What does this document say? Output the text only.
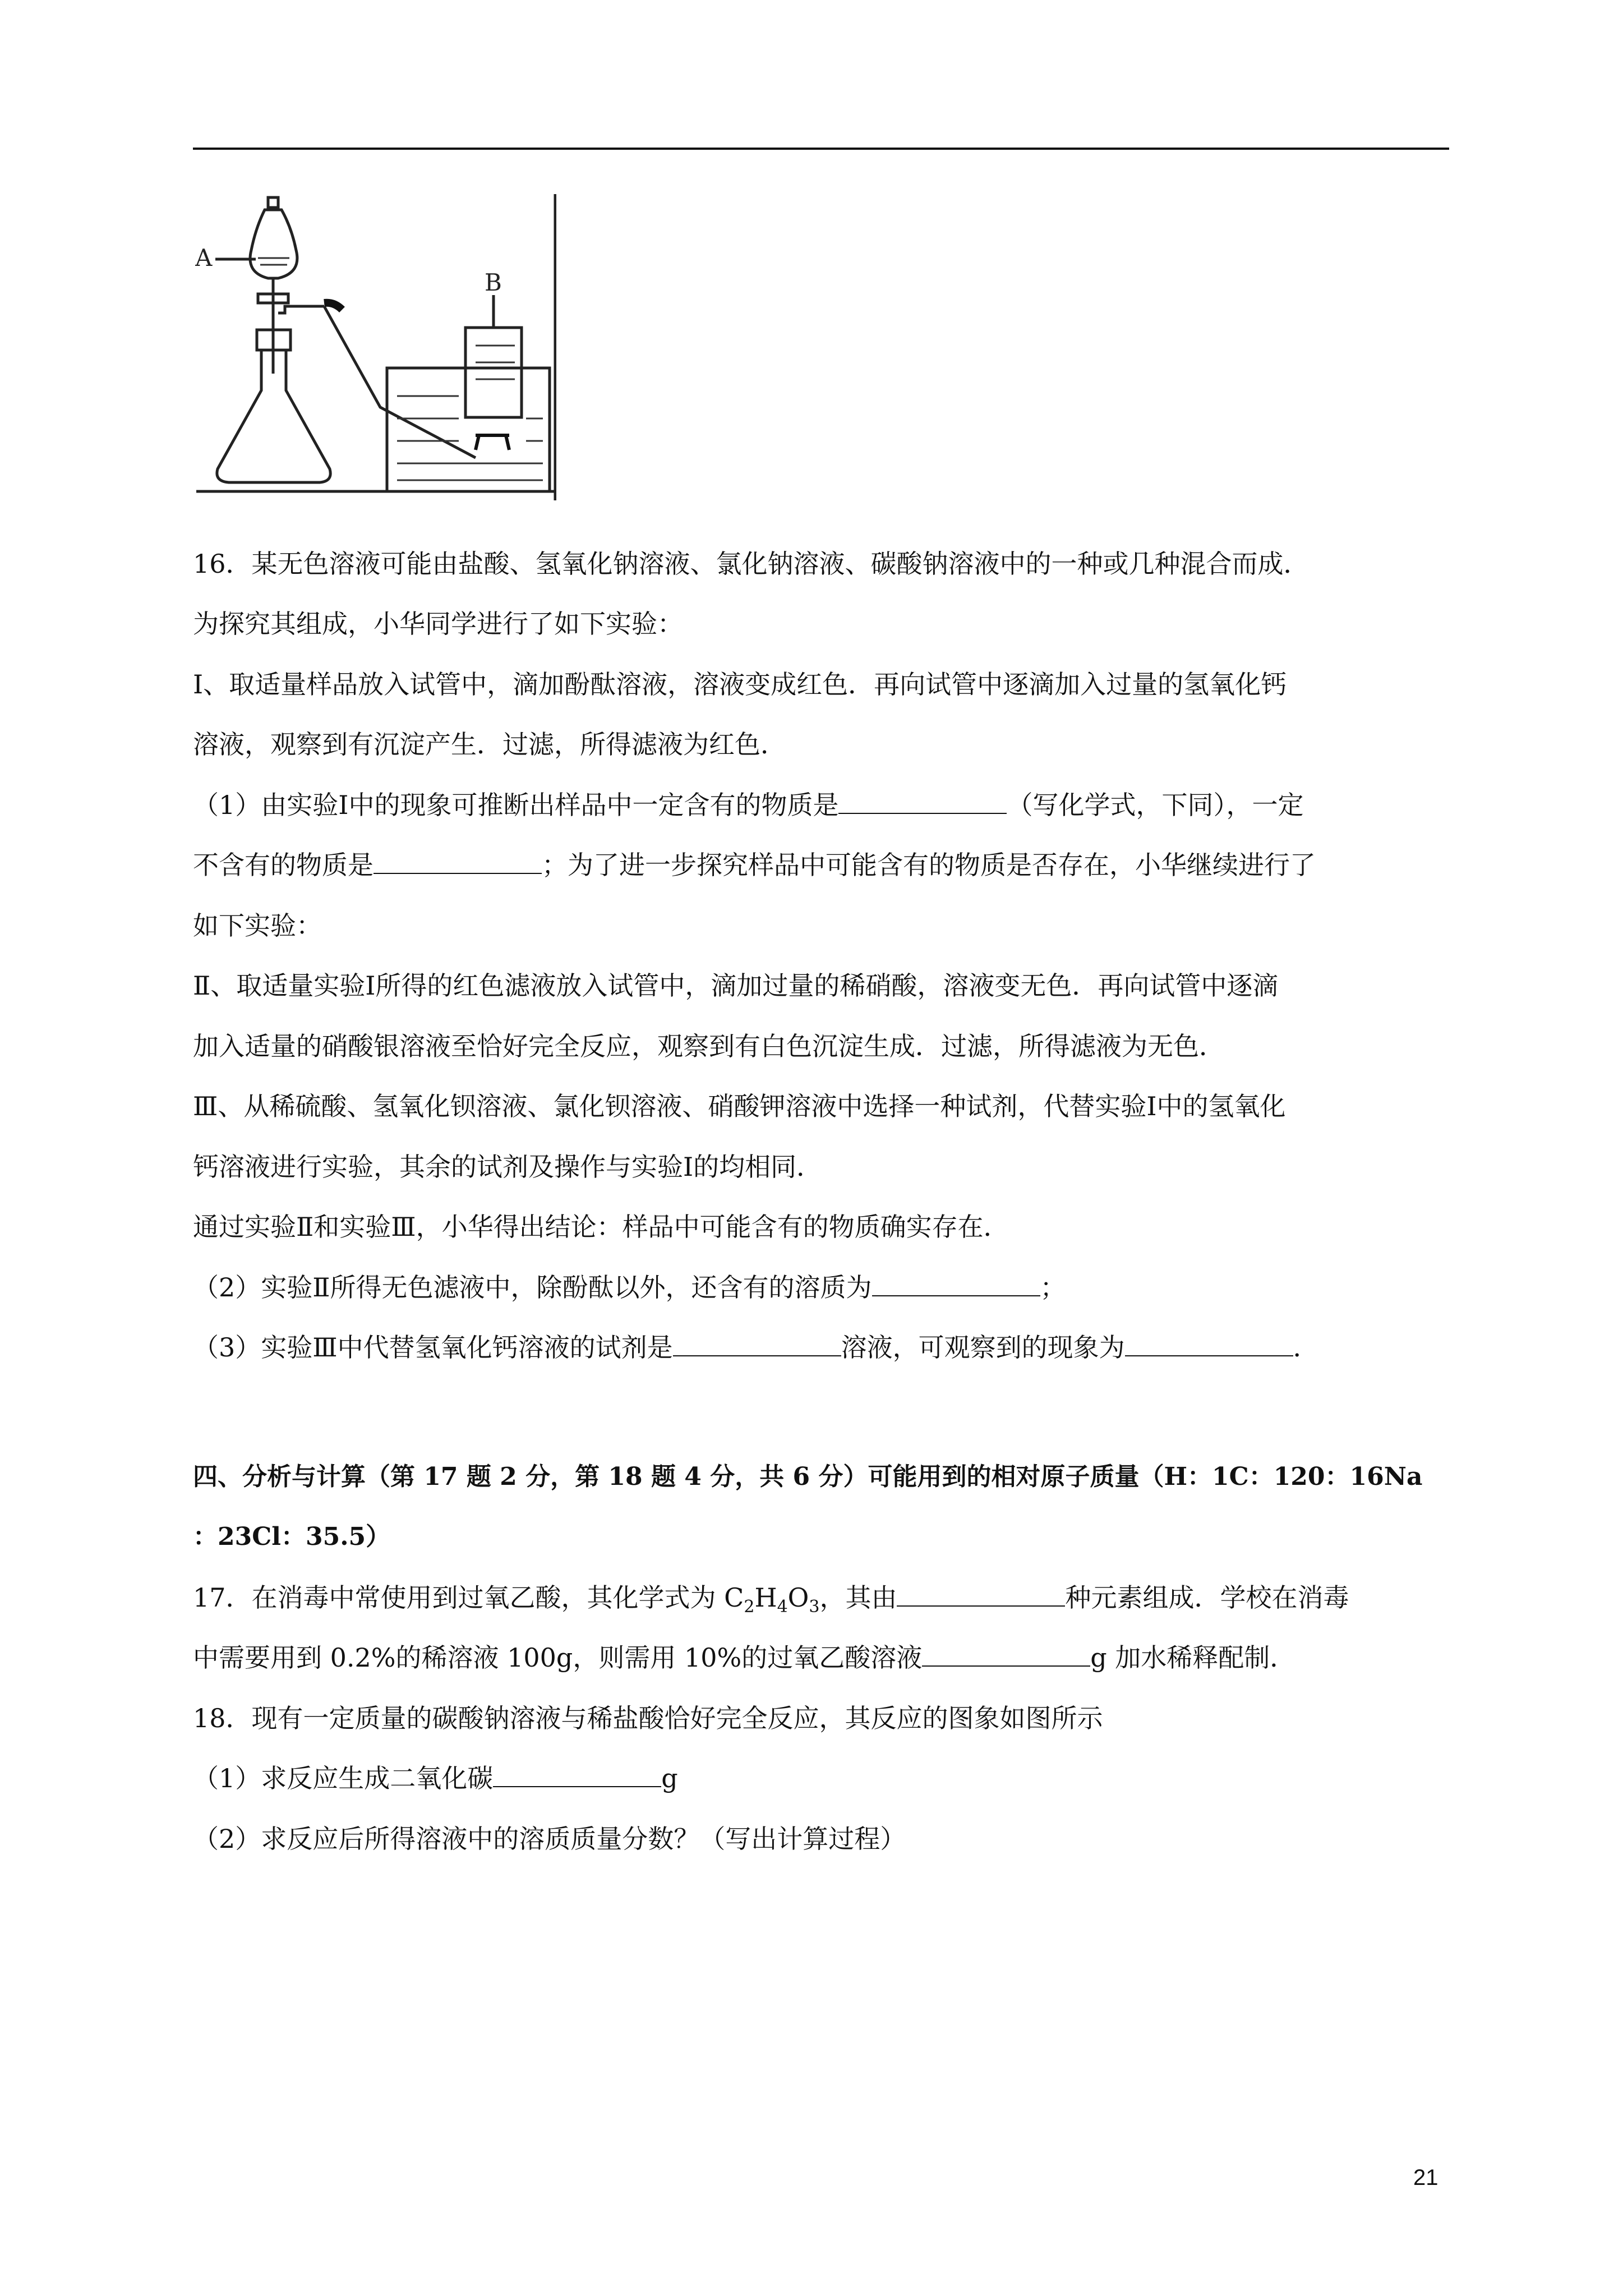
A
B
16．某无色溶液可能由盐酸、氢氧化钠溶液、氯化钠溶液、碳酸钠溶液中的一种或几种混合而成．
为探究其组成，小华同学进行了如下实验：
Ⅰ、取适量样品放入试管中，滴加酚酞溶液，溶液变成红色．再向试管中逐滴加入过量的氢氧化钙
溶液，观察到有沉淀产生．过滤，所得滤液为红色．
（1）由实验Ⅰ中的现象可推断出样品中一定含有的物质是	（写化学式，下同），一定
不含有的物质是	；为了进一步探究样品中可能含有的物质是否存在，小华继续进行了
如下实验：
Ⅱ、取适量实验Ⅰ所得的红色滤液放入试管中，滴加过量的稀硝酸，溶液变无色．再向试管中逐滴
加入适量的硝酸银溶液至恰好完全反应，观察到有白色沉淀生成．过滤，所得滤液为无色．
Ⅲ、从稀硫酸、氢氧化钡溶液、氯化钡溶液、硝酸钾溶液中选择一种试剂，代替实验Ⅰ中的氢氧化
钙溶液进行实验，其余的试剂及操作与实验Ⅰ的均相同．
通过实验Ⅱ和实验Ⅲ，小华得出结论：样品中可能含有的物质确实存在．
（2）实验Ⅱ所得无色滤液中，除酚酞以外，还含有的溶质为	；
（3）实验Ⅲ中代替氢氧化钙溶液的试剂是	溶液，可观察到的现象为	．
四、分析与计算（第 17 题 2 分，第 18 题 4 分，共 6 分）可能用到的相对原子质量（H：1C：120：16Na
：23Cl：35.5）
17．在消毒中常使用到过氧乙酸，其化学式为 $C_2H_4O_3$，其由	种元素组成．学校在消毒
中需要用到 0.2%的稀溶液 100g，则需用 10%的过氧乙酸溶液	g 加水稀释配制．
18．现有一定质量的碳酸钠溶液与稀盐酸恰好完全反应，其反应的图象如图所示
（1）求反应生成二氧化碳	g
（2）求反应后所得溶液中的溶质质量分数？（写出计算过程）
21
